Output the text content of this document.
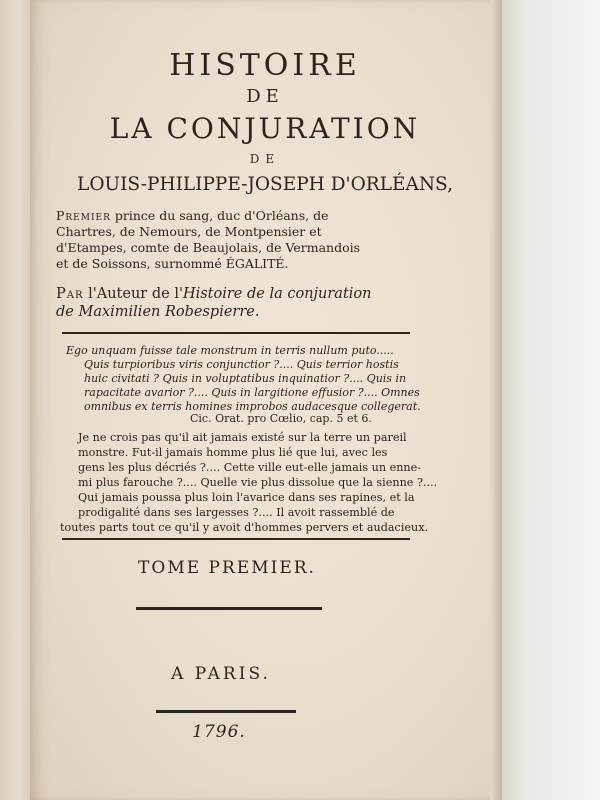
HISTOIRE
DE
LA CONJURATION
DE
LOUIS-PHILIPPE-JOSEPH D'ORLÉANS,
Premier prince du sang, duc d'Orléans, de
Chartres, de Nemours, de Montpensier et
d'Etampes, comte de Beaujolais, de Vermandois
et de Soissons, surnommé ÉGALITÉ.
Par l'Auteur de l'Histoire de la conjuration
de Maximilien Robespierre.
Ego unquam fuisse tale monstrum in terris nullum puto.....
Quis turpioribus viris conjunctior ?.... Quis terrior hostis
huic civitati ? Quis in voluptatibus inquinatior ?.... Quis in
rapacitate avarior ?.... Quis in largitione effusior ?.... Omnes
omnibus ex terris homines improbos audacesque collegerat.
Cic. Orat. pro Cœlio, cap. 5 et 6.
Je ne crois pas qu'il ait jamais existé sur la terre un pareil
monstre. Fut-il jamais homme plus lié que lui, avec les
gens les plus décriés ?.... Cette ville eut-elle jamais un enne-
mi plus farouche ?.... Quelle vie plus dissolue que la sienne ?....
Qui jamais poussa plus loin l'avarice dans ses rapines, et la
prodigalité dans ses largesses ?.... Il avoit rassemblé de
toutes parts tout ce qu'il y avoit d'hommes pervers et audacieux.
TOME PREMIER.
A PARIS.
1796.
